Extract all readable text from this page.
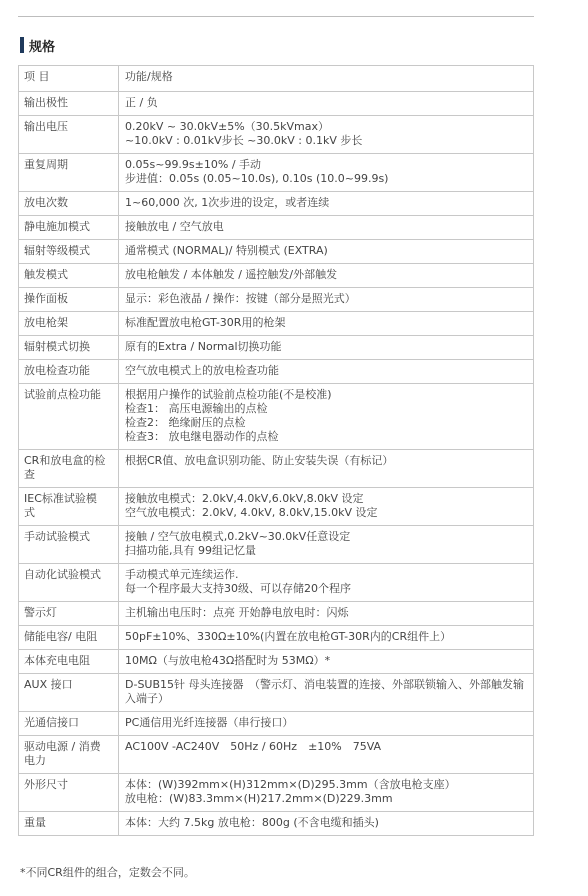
规格
项 目	功能/规格

输出极性	正 / 负

输出电压	0.20kV ~ 30.0kV±5%（30.5kVmax）
~10.0kV : 0.01kV步长 ~30.0kV : 0.1kV 步长

重复周期	0.05s~99.9s±10% / 手动
步进值：0.05s (0.05~10.0s), 0.10s (10.0~99.9s)

放电次数	1~60,000 次, 1次步进的设定，或者连续

静电施加模式	接触放电 / 空气放电

辐射等级模式	通常模式 (NORMAL)/ 特别模式 (EXTRA)

触发模式	放电枪触发 / 本体触发 / 遥控触发/外部触发

操作面板	显示：彩色液晶 / 操作：按键（部分是照光式）

放电枪架	标准配置放电枪GT-30R用的枪架

辐射模式切换	原有的Extra / Normal切换功能

放电检查功能	空气放电模式上的放电检查功能

试验前点检功能	根据用户操作的试验前点检功能(不是校准)
检查1： 高压电源输出的点检
检查2： 绝缘耐压的点检
检查3： 放电继电器动作的点检

CR和放电盒的检
查	根据CR值、放电盒识别功能、防止安装失误（有标记）

IEC标准试验模
式	接触放电模式：2.0kV,4.0kV,6.0kV,8.0kV 设定
空气放电模式：2.0kV, 4.0kV, 8.0kV,15.0kV 设定

手动试验模式	接触 / 空气放电模式,0.2kV~30.0kV任意设定
扫描功能,具有 99组记忆量

自动化试验模式	手动模式单元连续运作.
每一个程序最大支持30级、可以存储20个程序

警示灯	主机输出电压时：点亮 开始静电放电时：闪烁

储能电容/ 电阻	50pF±10%、330Ω±10%(内置在放电枪GT-30R内的CR组件上）

本体充电电阻	10MΩ（与放电枪43Ω搭配时为 53MΩ）*

AUX 接口	D-SUB15针 母头连接器　（警示灯、消电装置的连接、外部联锁输入、外部触发输入端子）

光通信接口	PC通信用光纤连接器（串行接口）

驱动电源 / 消费
电力	AC100V -AC240V　50Hz / 60Hz　±10%　75VA

外形尺寸	本体：(W)392mm×(H)312mm×(D)295.3mm（含放电枪支座）
放电枪：(W)83.3mm×(H)217.2mm×(D)229.3mm

重量	本体：大约 7.5kg 放电枪：800g (不含电缆和插头)
*不同CR组件的组合，定数会不同。
